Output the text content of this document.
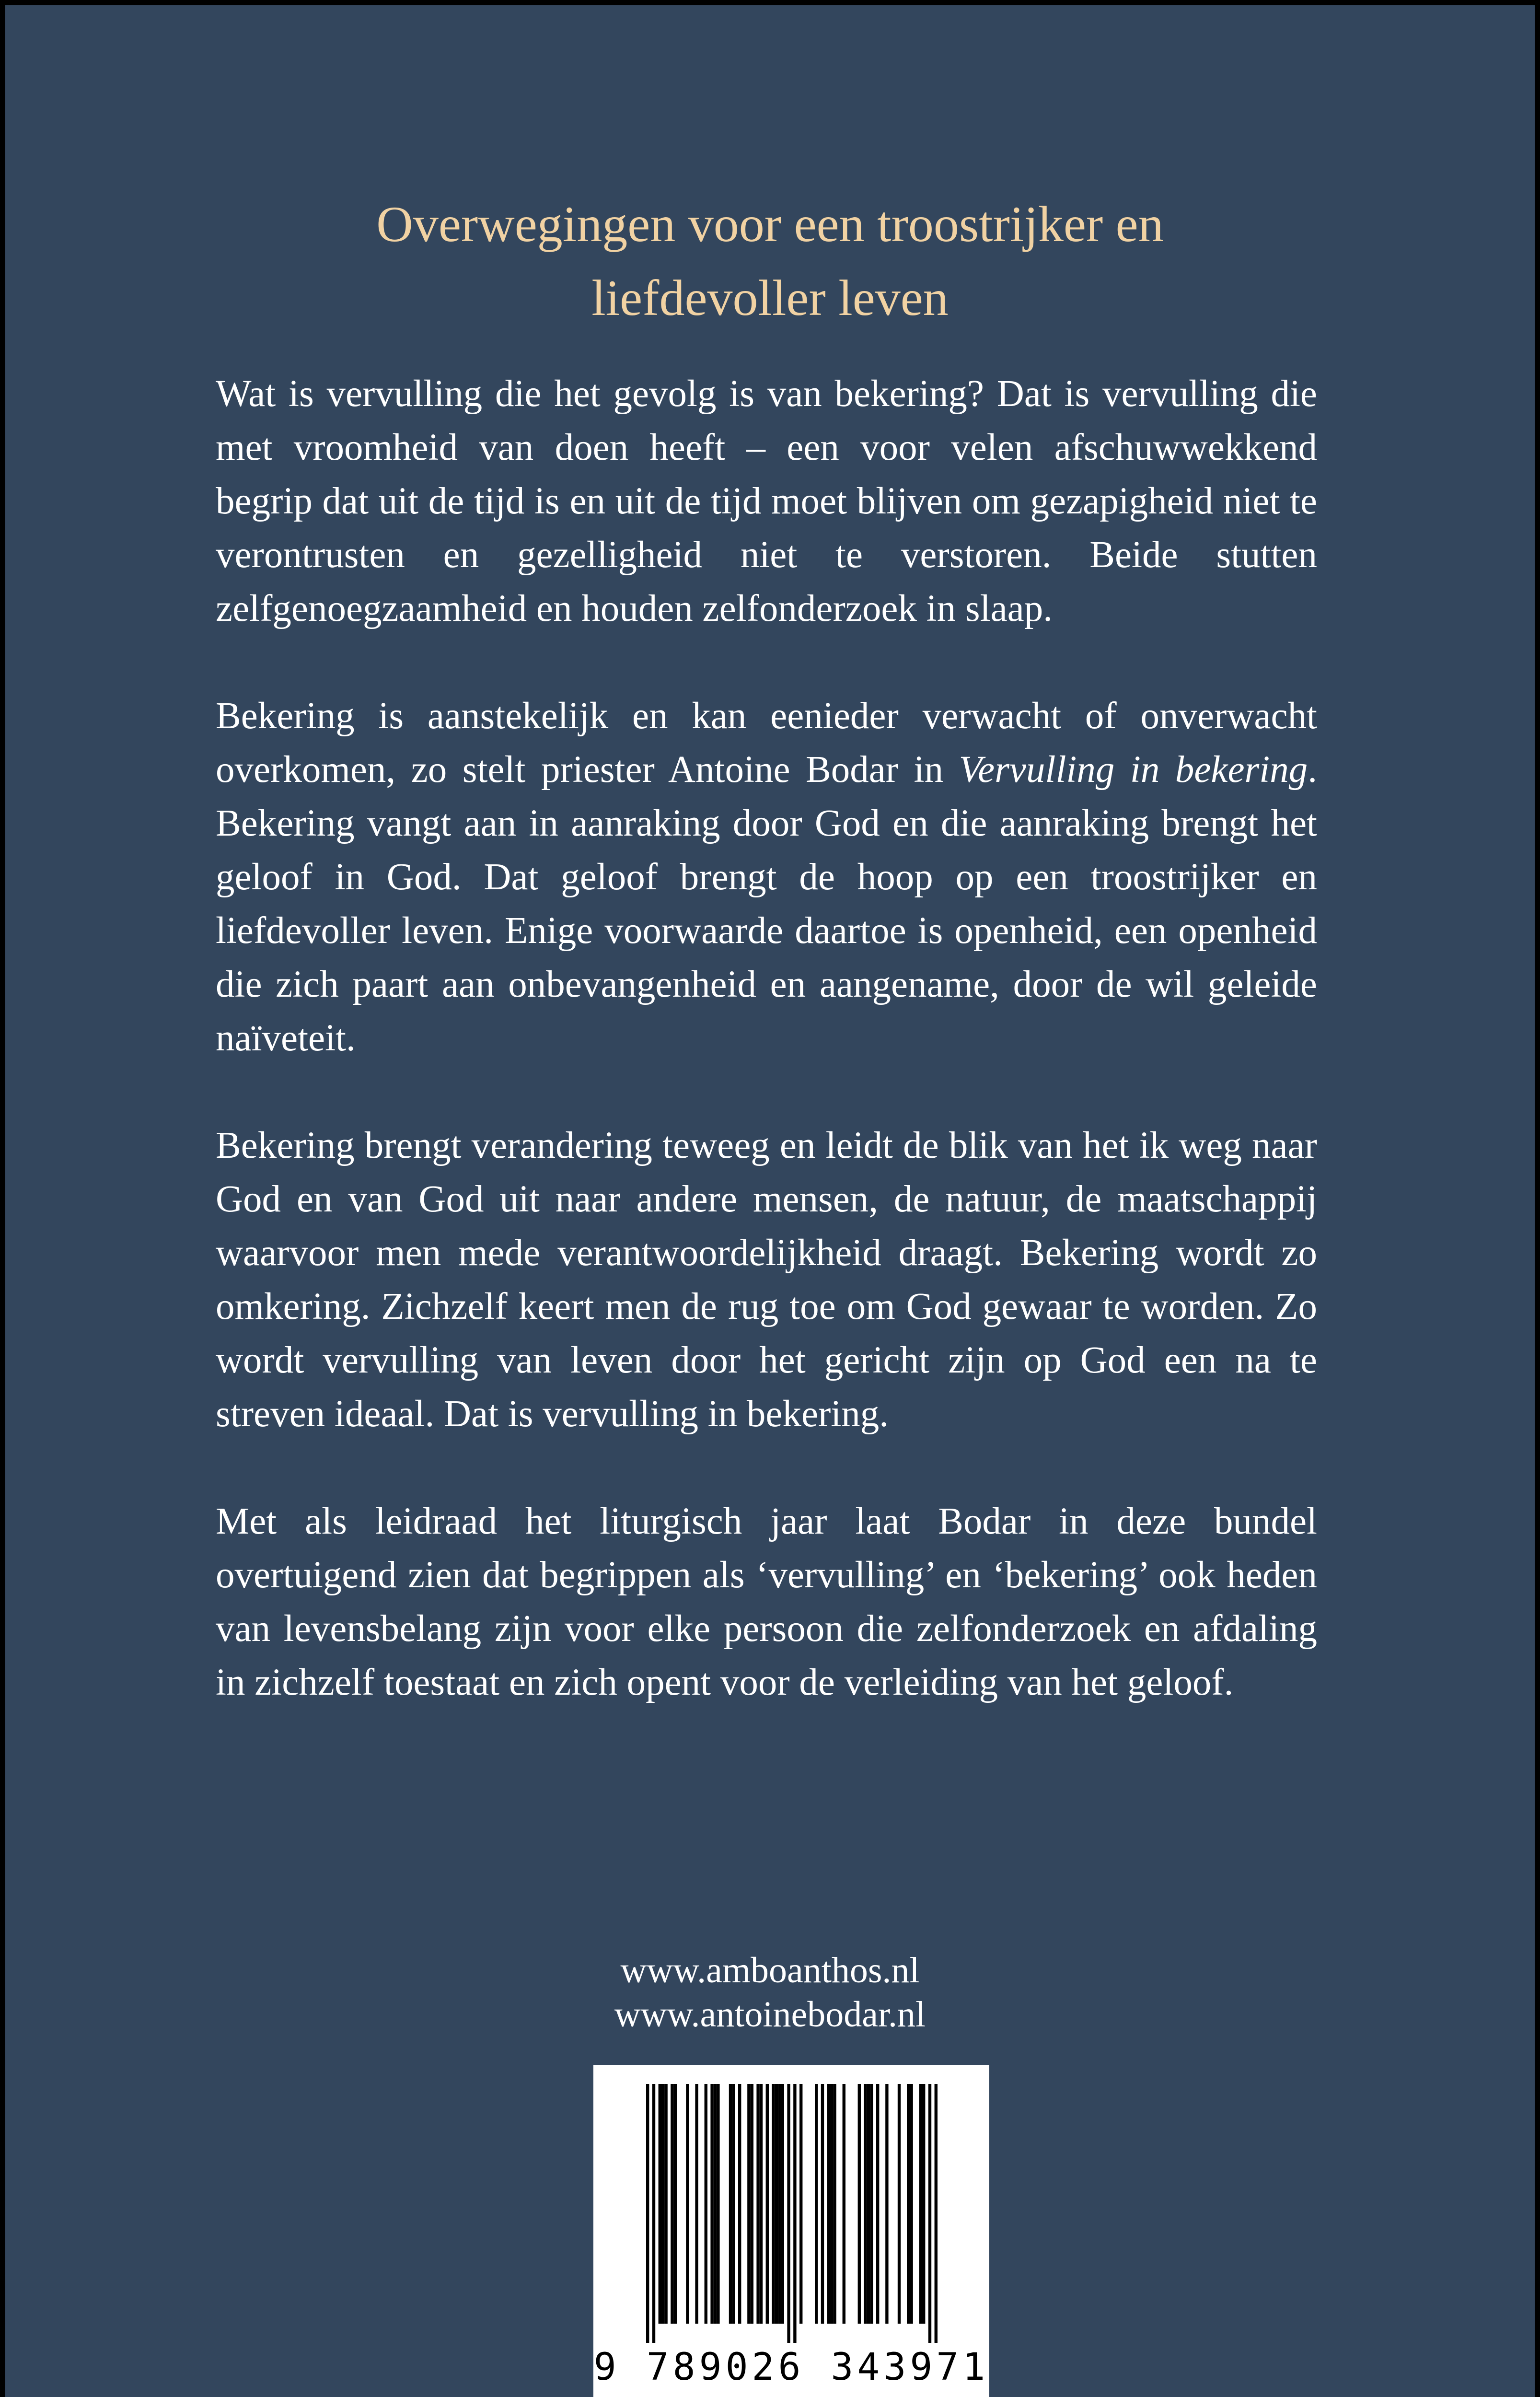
Overwegingen voor een troostrijker en
liefdevoller leven

Wat is vervulling die het gevolg is van bekering? Dat is vervulling die met vroomheid van doen heeft – een voor velen afschuwwekkend begrip dat uit de tijd is en uit de tijd moet blijven om gezapigheid niet te verontrusten en gezelligheid niet te verstoren. Beide stutten zelfgenoegzaamheid en houden zelfonderzoek in slaap.

Bekering is aanstekelijk en kan eenieder verwacht of onverwacht overkomen, zo stelt priester Antoine Bodar in Vervulling in bekering. Bekering vangt aan in aanraking door God en die aanraking brengt het geloof in God. Dat geloof brengt de hoop op een troostrijker en liefdevoller leven. Enige voorwaarde daartoe is openheid, een openheid die zich paart aan onbevangenheid en aangename, door de wil geleide naïveteit.

Bekering brengt verandering teweeg en leidt de blik van het ik weg naar God en van God uit naar andere mensen, de natuur, de maatschappij waarvoor men mede verantwoordelijkheid draagt. Bekering wordt zo omkering. Zichzelf keert men de rug toe om God gewaar te worden. Zo wordt vervulling van leven door het gericht zijn op God een na te streven ideaal. Dat is vervulling in bekering.

Met als leidraad het liturgisch jaar laat Bodar in deze bundel overtuigend zien dat begrippen als ‘vervulling’ en ‘bekering’ ook heden van levensbelang zijn voor elke persoon die zelfonderzoek en afdaling in zichzelf toestaat en zich opent voor de verleiding van het geloof.

www.amboanthos.nl
www.antoinebodar.nl
9 789026 343971
